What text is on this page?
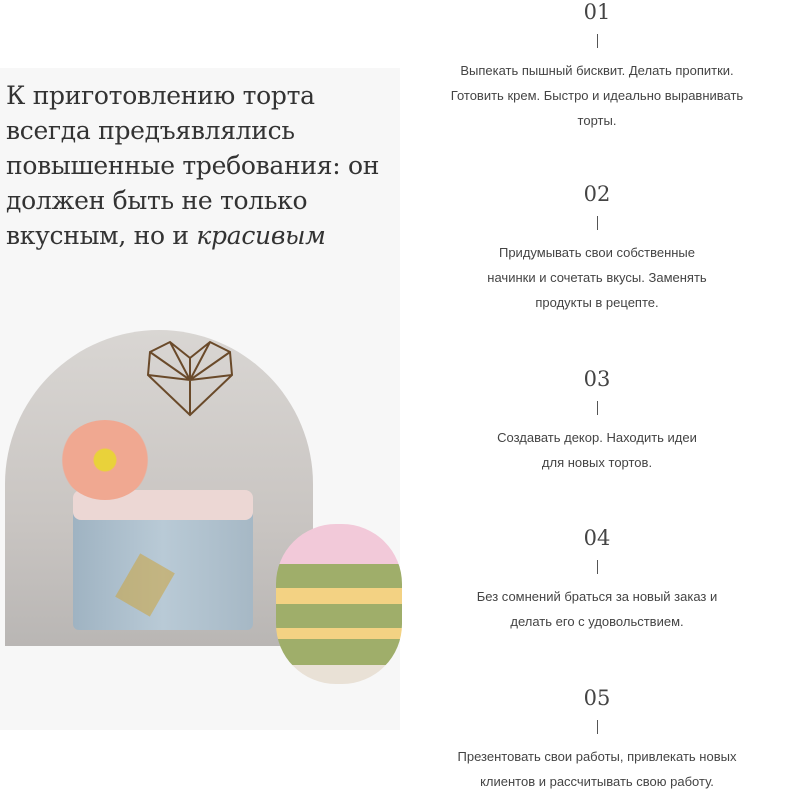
К приготовлению торта всегда предъявлялись повышенные требования: он должен быть не только вкусным, но и красивым
01
Выпекать пышный бисквит. Делать пропитки. Готовить крем. Быстро и идеально выравнивать торты.
02
Придумывать свои собственные начинки и сочетать вкусы. Заменять продукты в рецепте.
03
Создавать декор. Находить идеи для новых тортов.
04
Без сомнений браться за новый заказ и делать его с удовольствием.
05
Презентовать свои работы, привлекать новых клиентов и рассчитывать свою работу.
